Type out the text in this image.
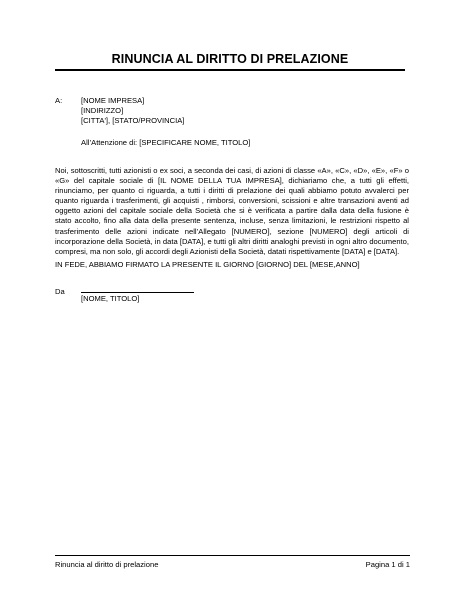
RINUNCIA AL DIRITTO DI PRELAZIONE
A: [NOME IMPRESA]
[INDIRIZZO]
[CITTA'], [STATO/PROVINCIA]
All’Attenzione di: [SPECIFICARE NOME, TITOLO]
Noi, sottoscritti, tutti azionisti o ex soci, a seconda dei casi, di azioni di classe «A», «C», «D», «E», «F» o «G» del capitale sociale di [IL NOME DELLA TUA IMPRESA], dichiariamo che, a tutti gli effetti, rinunciamo, per quanto ci riguarda, a tutti i diritti di prelazione dei quali abbiamo potuto avvalerci per quanto riguarda i trasferimenti, gli acquisti , rimborsi, conversioni, scissioni e altre transazioni aventi ad oggetto azioni del capitale sociale della Società che si è verificata a partire dalla data della fusione è stato accolto, fino alla data della presente sentenza, incluse, senza limitazioni, le restrizioni rispetto al trasferimento delle azioni indicate nell’Allegato [NUMERO], sezione [NUMERO] degli articoli di incorporazione della Società, in data [DATA], e tutti gli altri diritti analoghi previsti in ogni altro documento, compresi, ma non solo, gli accordi degli Azionisti della Società, datati rispettivamente [DATA] e [DATA].
IN FEDE, ABBIAMO FIRMATO LA PRESENTE IL GIORNO [GIORNO] DEL [MESE,ANNO]
Da
[NOME, TITOLO]
Rinuncia al diritto di prelazione	Pagina 1 di 1
